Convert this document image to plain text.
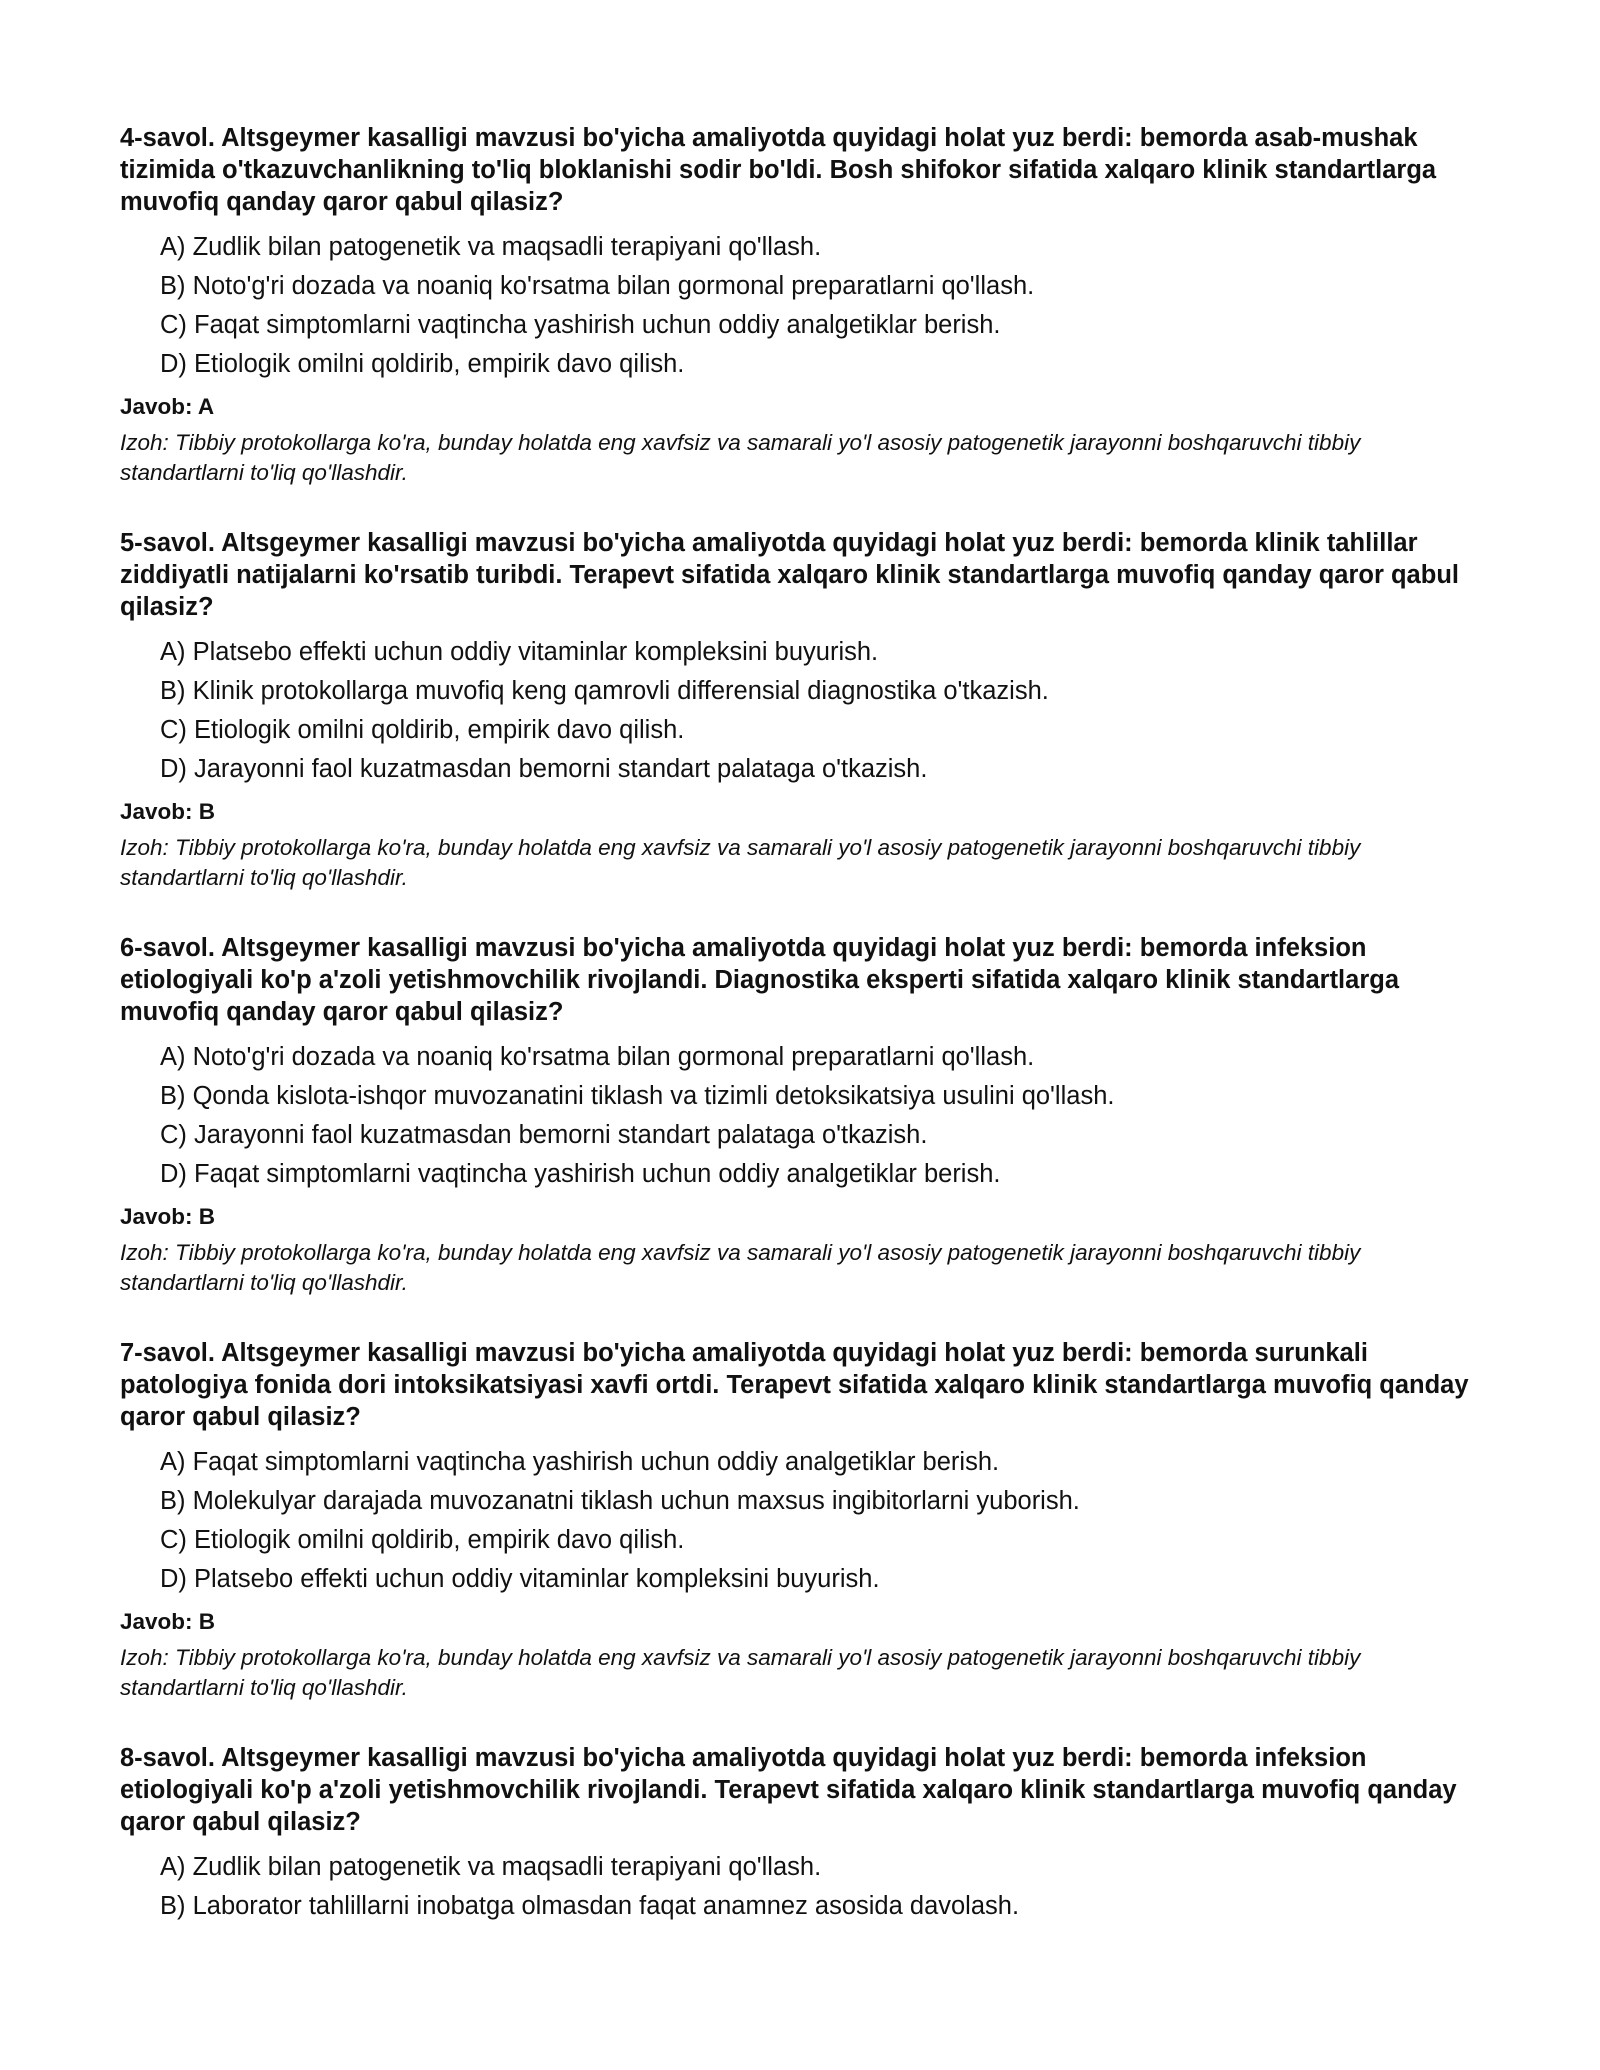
4-savol. Altsgeymer kasalligi mavzusi bo'yicha amaliyotda quyidagi holat yuz berdi: bemorda asab-mushak tizimida o'tkazuvchanlikning to'liq bloklanishi sodir bo'ldi. Bosh shifokor sifatida xalqaro klinik standartlarga muvofiq qanday qaror qabul qilasiz?

A) Zudlik bilan patogenetik va maqsadli terapiyani qo'llash.
B) Noto'g'ri dozada va noaniq ko'rsatma bilan gormonal preparatlarni qo'llash.
C) Faqat simptomlarni vaqtincha yashirish uchun oddiy analgetiklar berish.
D) Etiologik omilni qoldirib, empirik davo qilish.
Javob: A
Izoh: Tibbiy protokollarga ko'ra, bunday holatda eng xavfsiz va samarali yo'l asosiy patogenetik jarayonni boshqaruvchi tibbiy standartlarni to'liq qo'llashdir.

5-savol. Altsgeymer kasalligi mavzusi bo'yicha amaliyotda quyidagi holat yuz berdi: bemorda klinik tahlillar ziddiyatli natijalarni ko'rsatib turibdi. Terapevt sifatida xalqaro klinik standartlarga muvofiq qanday qaror qabul qilasiz?

A) Platsebo effekti uchun oddiy vitaminlar kompleksini buyurish.
B) Klinik protokollarga muvofiq keng qamrovli differensial diagnostika o'tkazish.
C) Etiologik omilni qoldirib, empirik davo qilish.
D) Jarayonni faol kuzatmasdan bemorni standart palataga o'tkazish.
Javob: B
Izoh: Tibbiy protokollarga ko'ra, bunday holatda eng xavfsiz va samarali yo'l asosiy patogenetik jarayonni boshqaruvchi tibbiy standartlarni to'liq qo'llashdir.

6-savol. Altsgeymer kasalligi mavzusi bo'yicha amaliyotda quyidagi holat yuz berdi: bemorda infeksion etiologiyali ko'p a'zoli yetishmovchilik rivojlandi. Diagnostika eksperti sifatida xalqaro klinik standartlarga muvofiq qanday qaror qabul qilasiz?

A) Noto'g'ri dozada va noaniq ko'rsatma bilan gormonal preparatlarni qo'llash.
B) Qonda kislota-ishqor muvozanatini tiklash va tizimli detoksikatsiya usulini qo'llash.
C) Jarayonni faol kuzatmasdan bemorni standart palataga o'tkazish.
D) Faqat simptomlarni vaqtincha yashirish uchun oddiy analgetiklar berish.
Javob: B
Izoh: Tibbiy protokollarga ko'ra, bunday holatda eng xavfsiz va samarali yo'l asosiy patogenetik jarayonni boshqaruvchi tibbiy standartlarni to'liq qo'llashdir.

7-savol. Altsgeymer kasalligi mavzusi bo'yicha amaliyotda quyidagi holat yuz berdi: bemorda surunkali patologiya fonida dori intoksikatsiyasi xavfi ortdi. Terapevt sifatida xalqaro klinik standartlarga muvofiq qanday qaror qabul qilasiz?

A) Faqat simptomlarni vaqtincha yashirish uchun oddiy analgetiklar berish.
B) Molekulyar darajada muvozanatni tiklash uchun maxsus ingibitorlarni yuborish.
C) Etiologik omilni qoldirib, empirik davo qilish.
D) Platsebo effekti uchun oddiy vitaminlar kompleksini buyurish.
Javob: B
Izoh: Tibbiy protokollarga ko'ra, bunday holatda eng xavfsiz va samarali yo'l asosiy patogenetik jarayonni boshqaruvchi tibbiy standartlarni to'liq qo'llashdir.

8-savol. Altsgeymer kasalligi mavzusi bo'yicha amaliyotda quyidagi holat yuz berdi: bemorda infeksion etiologiyali ko'p a'zoli yetishmovchilik rivojlandi. Terapevt sifatida xalqaro klinik standartlarga muvofiq qanday qaror qabul qilasiz?

A) Zudlik bilan patogenetik va maqsadli terapiyani qo'llash.
B) Laborator tahlillarni inobatga olmasdan faqat anamnez asosida davolash.
